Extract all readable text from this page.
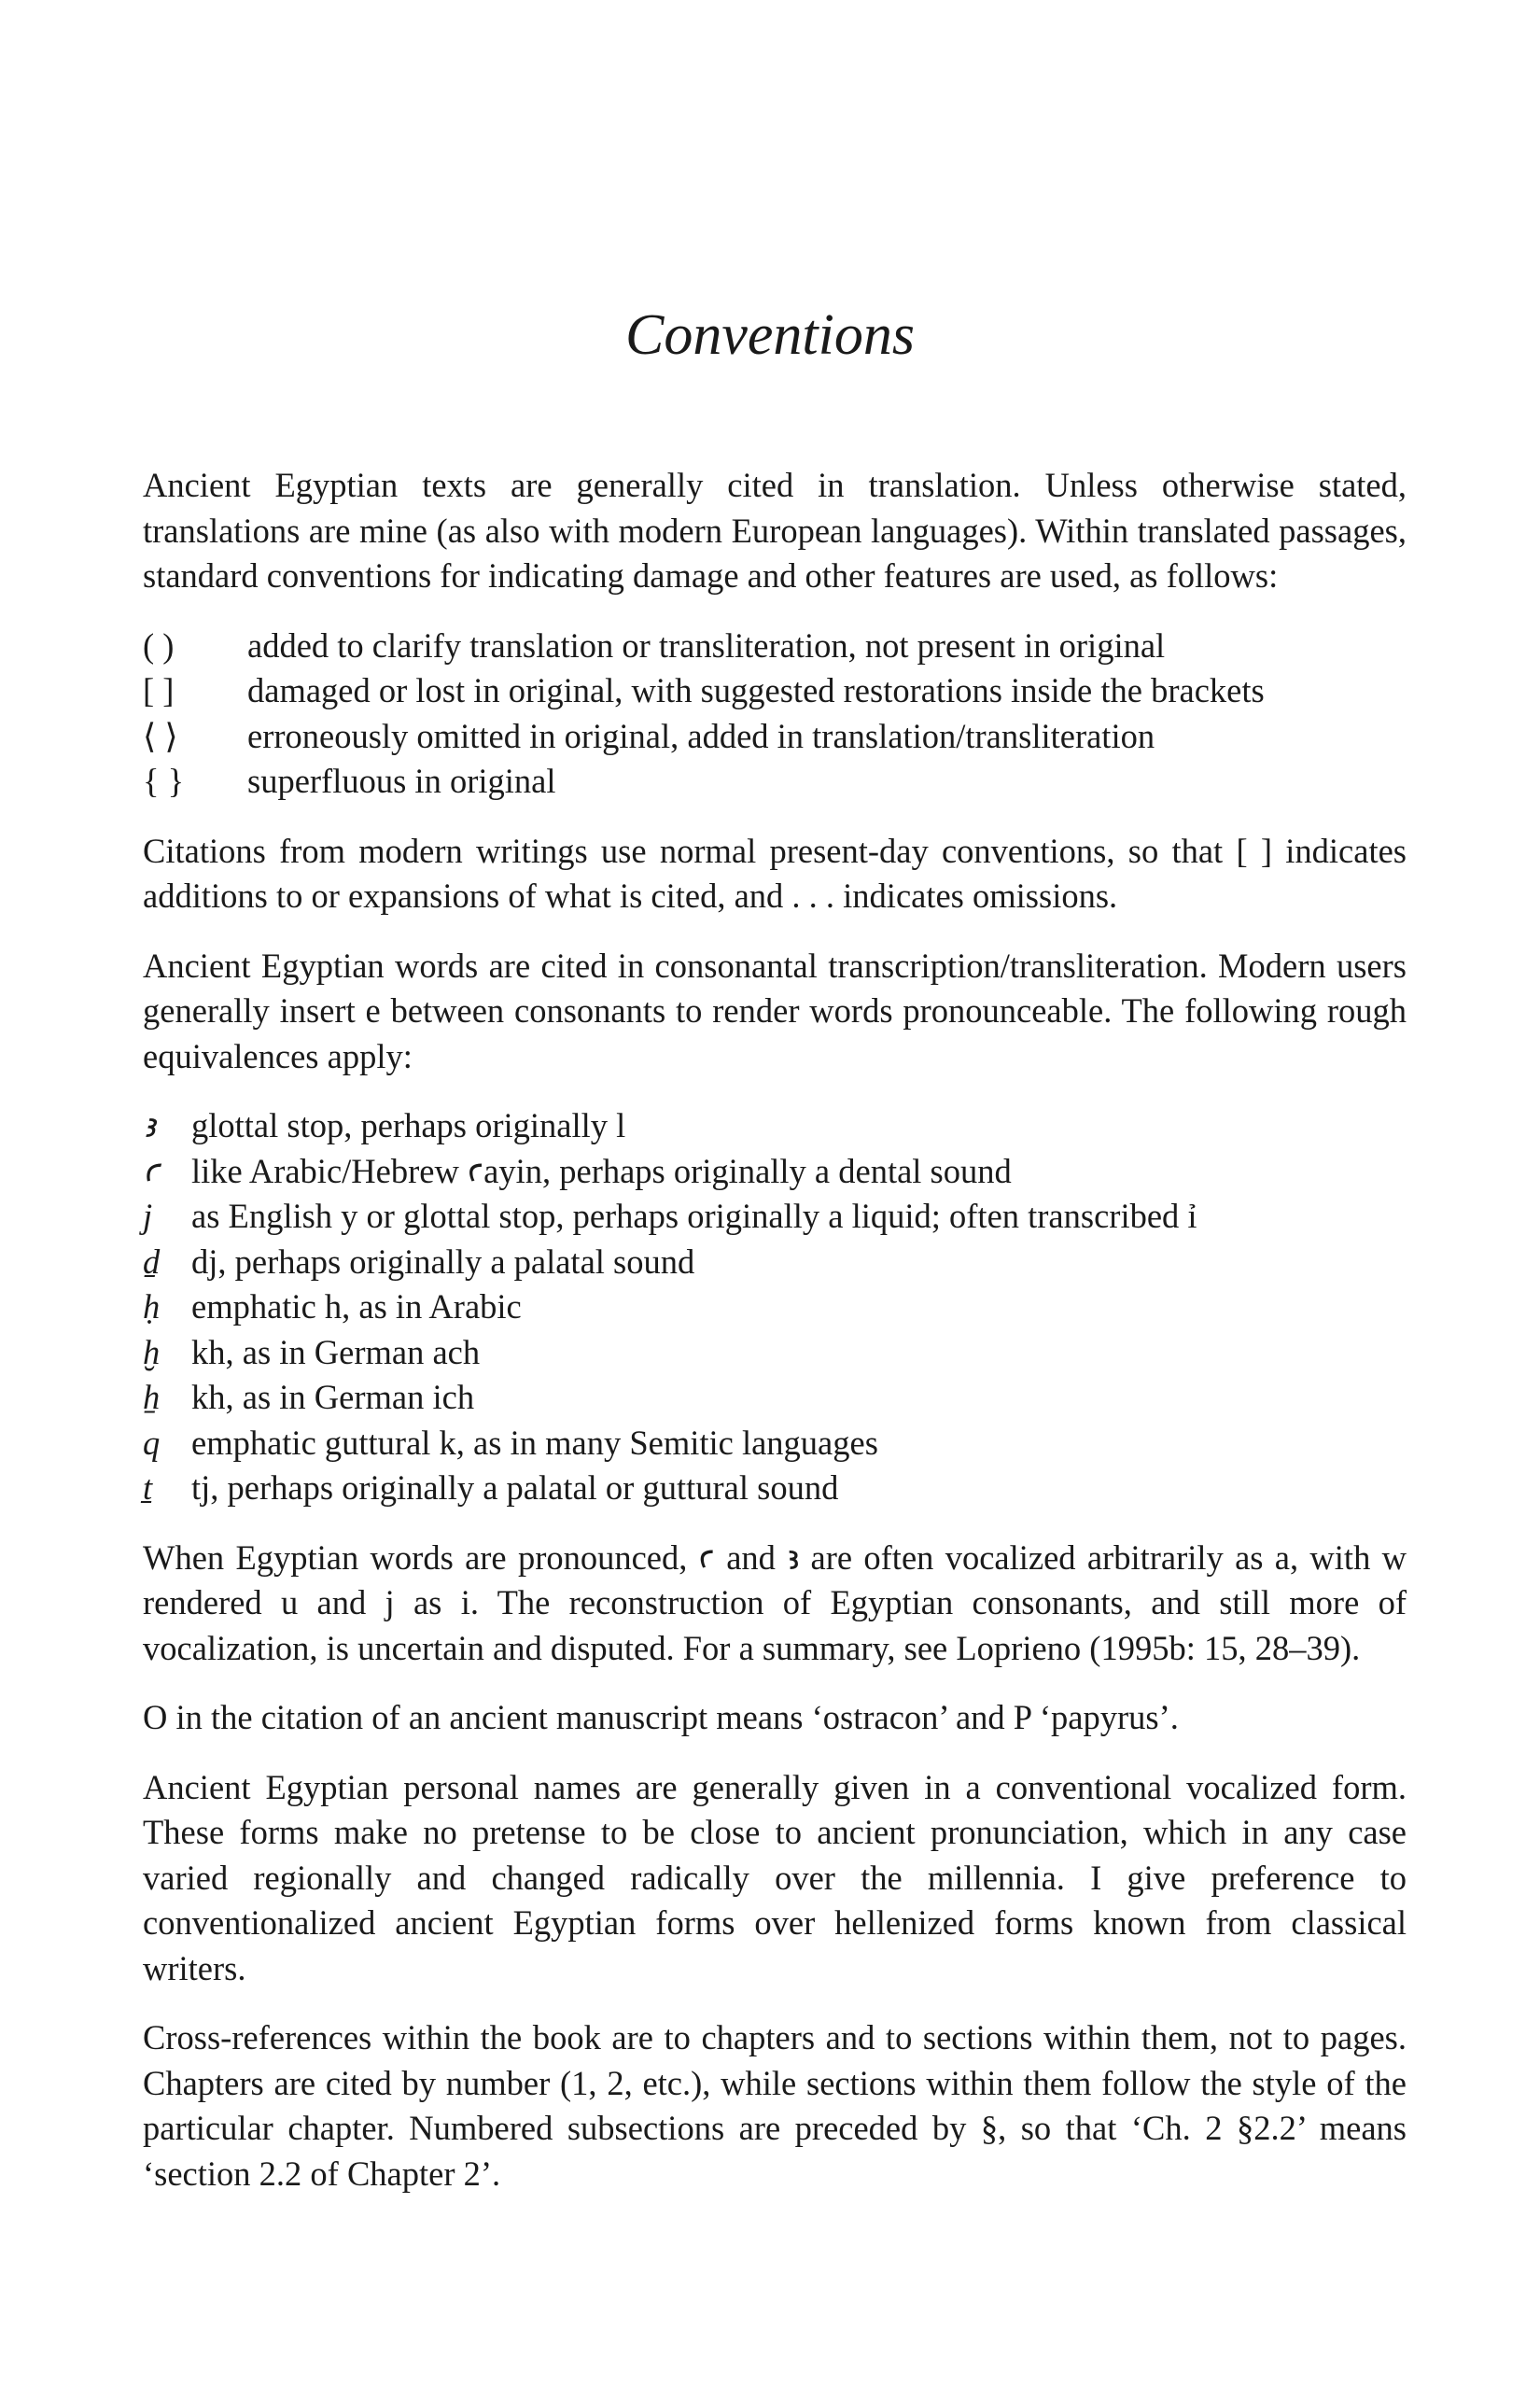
Conventions

Ancient Egyptian texts are generally cited in translation. Unless otherwise stated, translations are mine (as also with modern European languages). Within translated passages, standard conventions for indicating damage and other features are used, as follows:

( )	added to clarify translation or transliteration, not present in original
[ ]	damaged or lost in original, with suggested restorations inside the brackets
⟨ ⟩	erroneously omitted in original, added in translation/transliteration
{ }	superfluous in original

Citations from modern writings use normal present-day conventions, so that [ ] indicates additions to or expansions of what is cited, and . . . indicates omissions.

Ancient Egyptian words are cited in consonantal transcription/transliteration. Modern users generally insert e between consonants to render words pronounceable. The following rough equivalences apply:

ꜣ	glottal stop, perhaps originally l
ꜥ like Arabic/Hebrew ꜥayin, perhaps originally a dental sound
j	as English y or glottal stop, perhaps originally a liquid; often transcribed ỉ
ḏ dj, perhaps originally a palatal sound
ḥ emphatic h, as in Arabic
ḫ kh, as in German ach
ẖ kh, as in German ich
q emphatic guttural k, as in many Semitic languages
ṯ	tj, perhaps originally a palatal or guttural sound

When Egyptian words are pronounced, ꜥ and ꜣ are often vocalized arbitrarily as a, with w rendered u and j as i. The reconstruction of Egyptian consonants, and still more of vocalization, is uncertain and disputed. For a summary, see Loprieno (1995b: 15, 28–39).

O in the citation of an ancient manuscript means ‘ostracon’ and P ‘papyrus’.

Ancient Egyptian personal names are generally given in a conventional vocalized form. These forms make no pretense to be close to ancient pronunciation, which in any case varied regionally and changed radically over the millennia. I give preference to conventionalized ancient Egyptian forms over hellenized forms known from classical writers.

Cross-references within the book are to chapters and to sections within them, not to pages. Chapters are cited by number (1, 2, etc.), while sections within them follow the style of the particular chapter. Numbered subsections are preceded by §, so that ‘Ch. 2 §2.2’ means ‘section 2.2 of Chapter 2’.
